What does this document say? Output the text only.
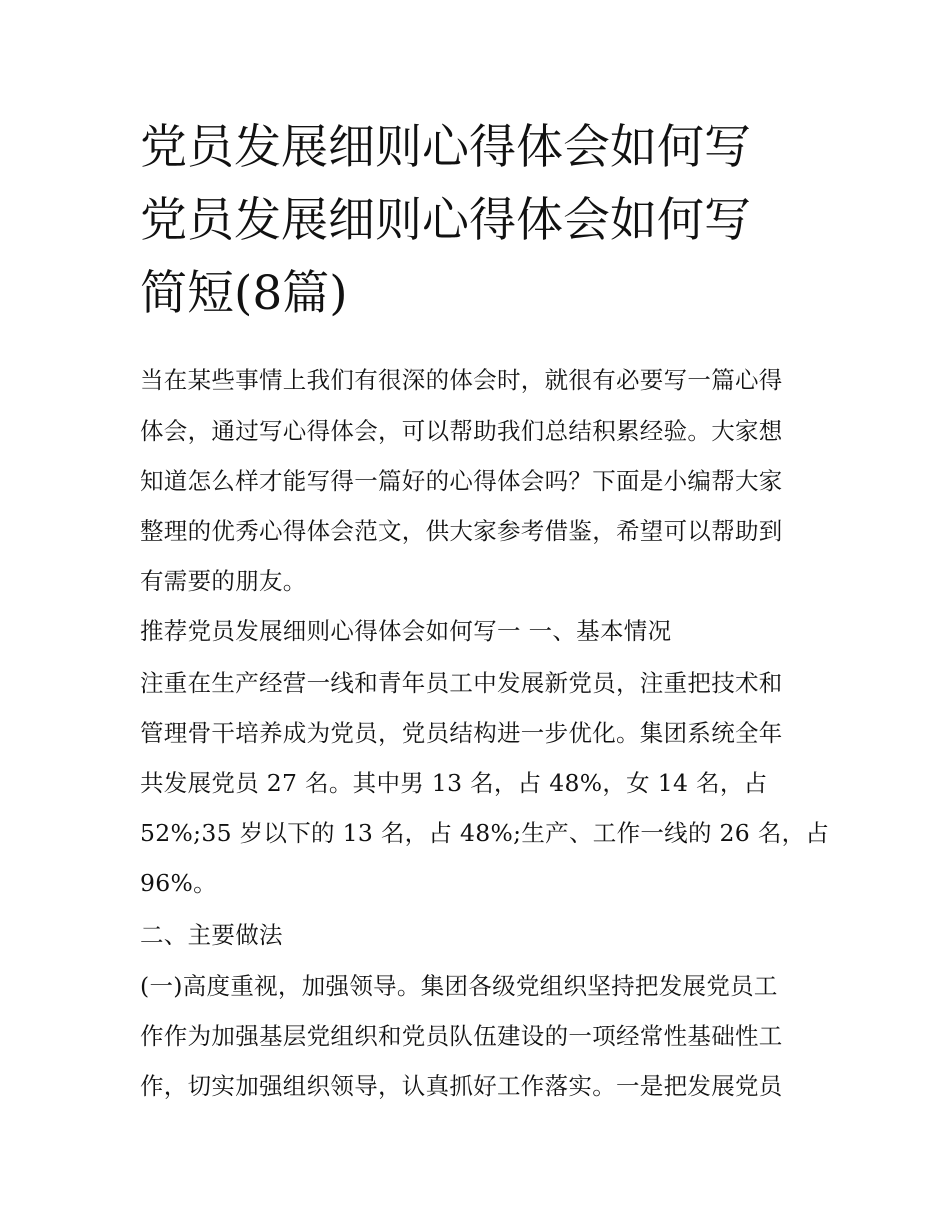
党员发展细则心得体会如何写
党员发展细则心得体会如何写
简短(8篇)

当在某些事情上我们有很深的体会时，就很有必要写一篇心得

体会，通过写心得体会，可以帮助我们总结积累经验。大家想

知道怎么样才能写得一篇好的心得体会吗？下面是小编帮大家

整理的优秀心得体会范文，供大家参考借鉴，希望可以帮助到

有需要的朋友。

推荐党员发展细则心得体会如何写一 一、基本情况

注重在生产经营一线和青年员工中发展新党员，注重把技术和

管理骨干培养成为党员，党员结构进一步优化。集团系统全年

共发展党员 27 名。其中男 13 名，占 48%，女 14 名，占

52%;35 岁以下的 13 名，占 48%;生产、工作一线的 26 名，占

96%。

二、主要做法

(一)高度重视，加强领导。集团各级党组织坚持把发展党员工

作作为加强基层党组织和党员队伍建设的一项经常性基础性工

作，切实加强组织领导，认真抓好工作落实。一是把发展党员
